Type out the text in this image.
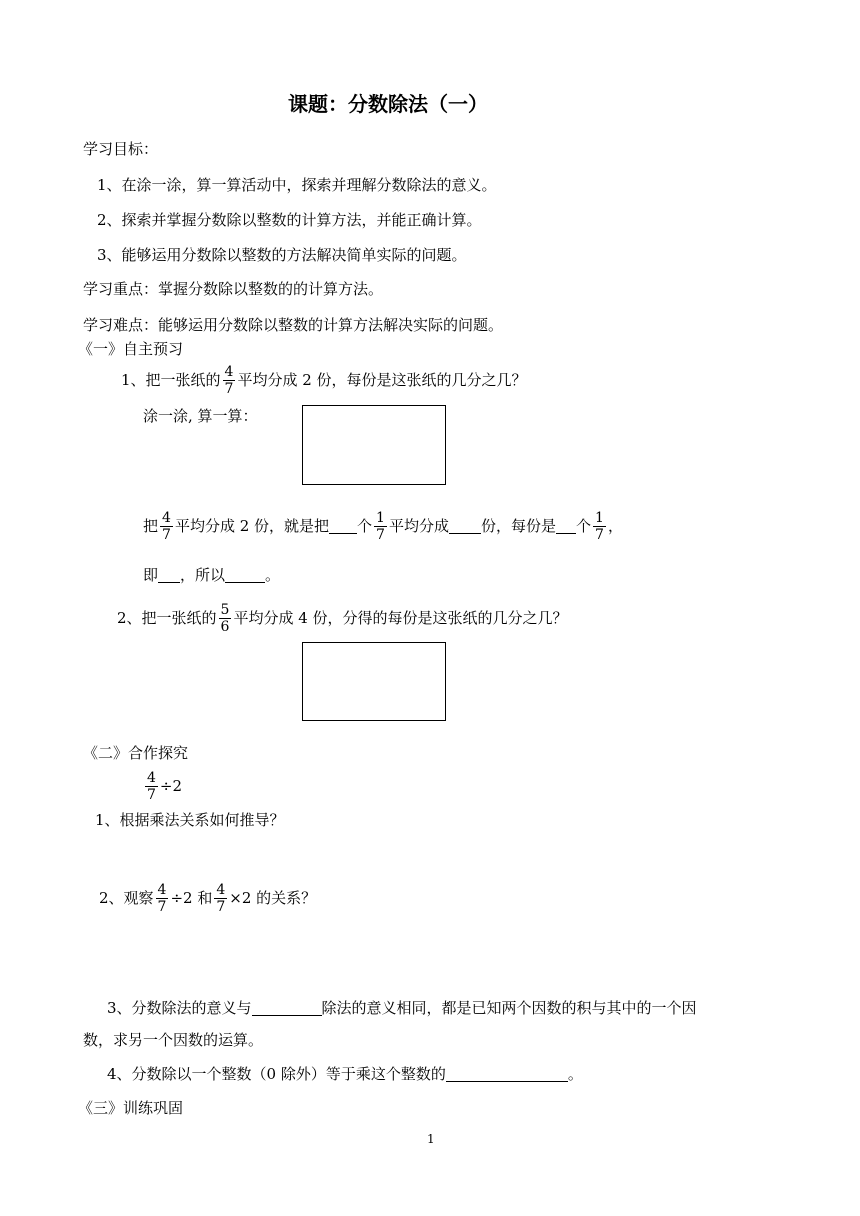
课题：分数除法（一）
学习目标：
1、在涂一涂，算一算活动中，探索并理解分数除法的意义。
2、探索并掌握分数除以整数的计算方法，并能正确计算。
3、能够运用分数除以整数的方法解决简单实际的问题。
学习重点：掌握分数除以整数的的计算方法。
学习难点：能够运用分数除以整数的计算方法解决实际的问题。
《一》自主预习
1、把一张纸的 $\frac{4}{7}$ 平均分成 2 份，每份是这张纸的几分之几？
涂一涂, 算一算：
把 $\frac{4}{7}$ 平均分成 2 份，就是把 个 $\frac{1}{7}$ 平均分成 份，每份是 个 $\frac{1}{7}$ ，
即 ，所以	。
2、把一张纸的 $\frac{5}{6}$ 平均分成 4 份，分得的每份是这张纸的几分之几？
《二》合作探究
$\frac{4}{7} \div 2$
1、根据乘法关系如何推导？
2、观察 $\frac{4}{7} \div 2$ 和 $\frac{4}{7} \times 2$ 的关系？
3、分数除法的意义与	除法的意义相同，都是已知两个因数的积与其中的一个因
数，求另一个因数的运算。
4、分数除以一个整数（0 除外）等于乘这个整数的	。
《三》训练巩固
1
